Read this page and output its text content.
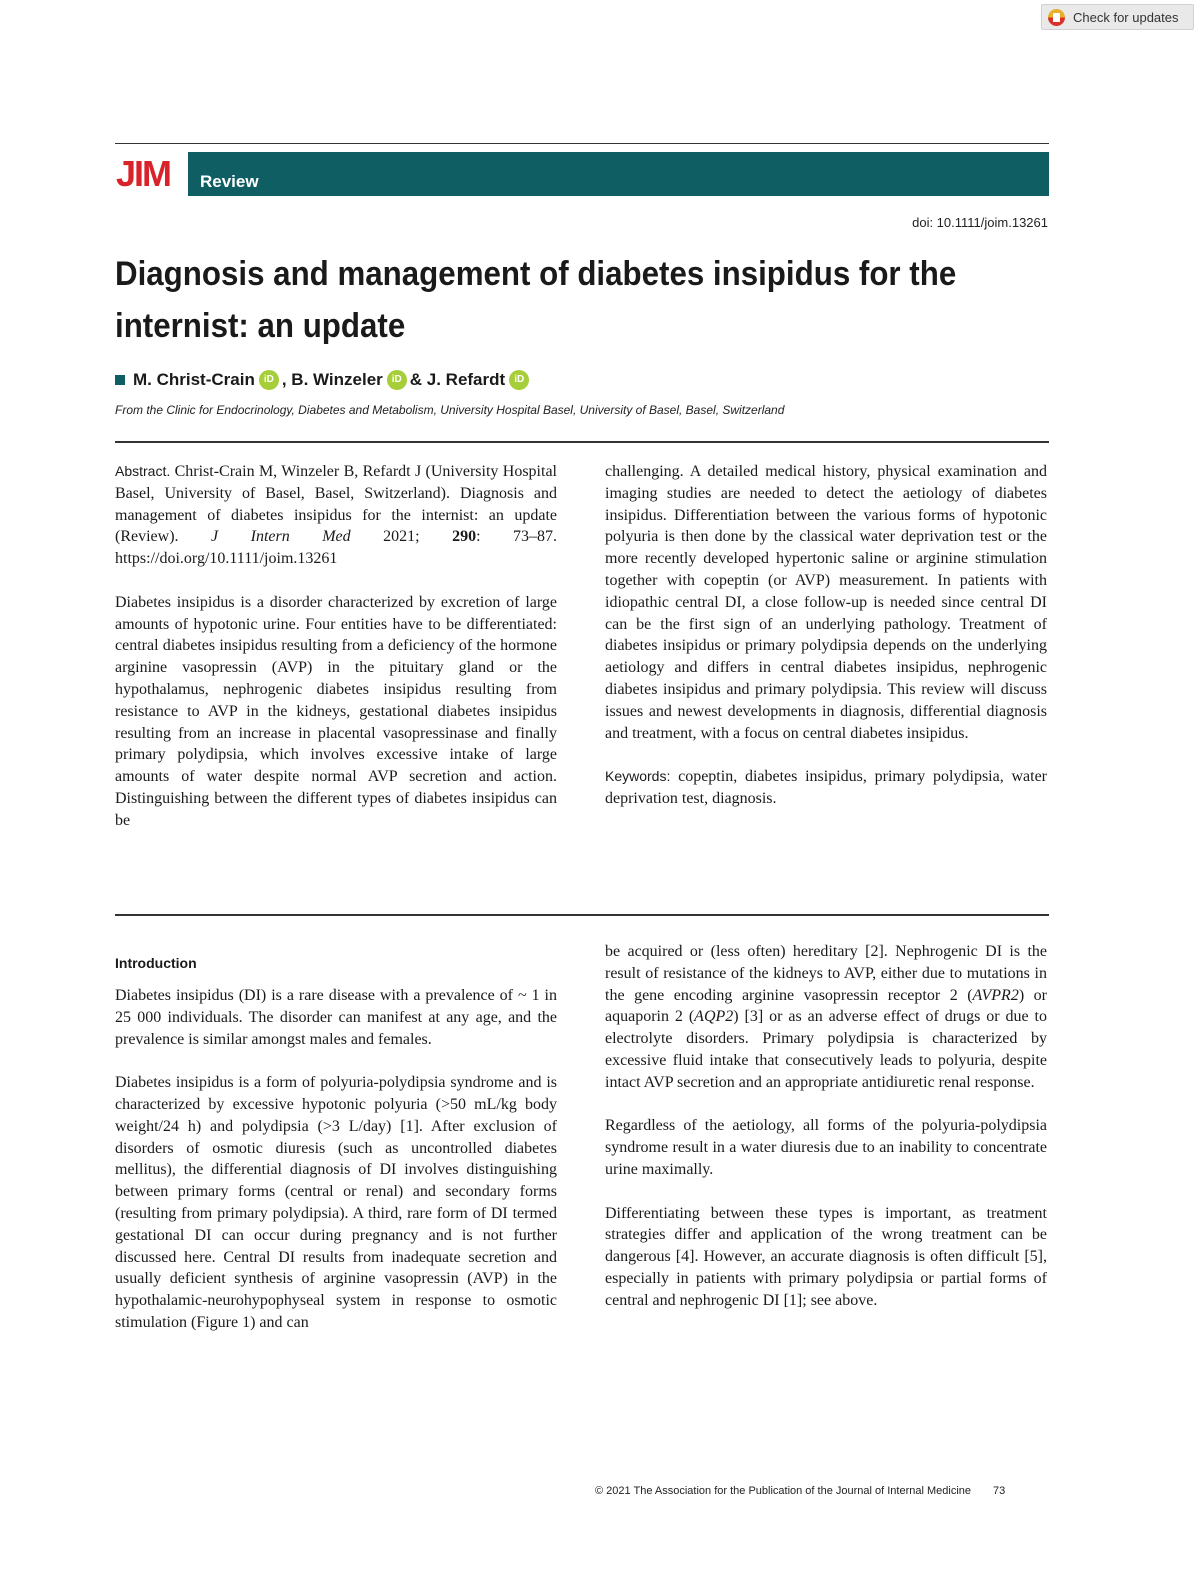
Check for updates
JIM	Review
doi: 10.1111/joim.13261
Diagnosis and management of diabetes insipidus for the internist: an update
M. Christ-Crain iD , B. Winzeler iD & J. Refardt iD
From the Clinic for Endocrinology, Diabetes and Metabolism, University Hospital Basel, University of Basel, Basel, Switzerland

Abstract. Christ-Crain M, Winzeler B, Refardt J (University Hospital Basel, University of Basel, Basel, Switzerland). Diagnosis and management of diabetes insipidus for the internist: an update (Review). J Intern Med 2021; 290: 73–87. https://doi.org/10.1111/joim.13261

Diabetes insipidus is a disorder characterized by excretion of large amounts of hypotonic urine. Four entities have to be differentiated: central diabetes insipidus resulting from a deficiency of the hormone arginine vasopressin (AVP) in the pituitary gland or the hypothalamus, nephrogenic diabetes insipidus resulting from resistance to AVP in the kidneys, gestational diabetes insipidus resulting from an increase in placental vasopressinase and finally primary polydipsia, which involves excessive intake of large amounts of water despite normal AVP secretion and action. Distinguishing between the different types of diabetes insipidus can be

challenging. A detailed medical history, physical examination and imaging studies are needed to detect the aetiology of diabetes insipidus. Differentiation between the various forms of hypotonic polyuria is then done by the classical water deprivation test or the more recently developed hypertonic saline or arginine stimulation together with copeptin (or AVP) measurement. In patients with idiopathic central DI, a close follow-up is needed since central DI can be the first sign of an underlying pathology. Treatment of diabetes insipidus or primary polydipsia depends on the underlying aetiology and differs in central diabetes insipidus, nephrogenic diabetes insipidus and primary polydipsia. This review will discuss issues and newest developments in diagnosis, differential diagnosis and treatment, with a focus on central diabetes insipidus.

Keywords: copeptin, diabetes insipidus, primary polydipsia, water deprivation test, diagnosis.

Introduction

Diabetes insipidus (DI) is a rare disease with a prevalence of ~ 1 in 25 000 individuals. The disorder can manifest at any age, and the prevalence is similar amongst males and females.

Diabetes insipidus is a form of polyuria-polydipsia syndrome and is characterized by excessive hypotonic polyuria (>50 mL/kg body weight/24 h) and polydipsia (>3 L/day) [1]. After exclusion of disorders of osmotic diuresis (such as uncontrolled diabetes mellitus), the differential diagnosis of DI involves distinguishing between primary forms (central or renal) and secondary forms (resulting from primary polydipsia). A third, rare form of DI termed gestational DI can occur during pregnancy and is not further discussed here. Central DI results from inadequate secretion and usually deficient synthesis of arginine vasopressin (AVP) in the hypothalamic-neurohypophyseal system in response to osmotic stimulation (Figure 1) and can

be acquired or (less often) hereditary [2]. Nephrogenic DI is the result of resistance of the kidneys to AVP, either due to mutations in the gene encoding arginine vasopressin receptor 2 (AVPR2) or aquaporin 2 (AQP2) [3] or as an adverse effect of drugs or due to electrolyte disorders. Primary polydipsia is characterized by excessive fluid intake that consecutively leads to polyuria, despite intact AVP secretion and an appropriate antidiuretic renal response.

Regardless of the aetiology, all forms of the polyuria-polydipsia syndrome result in a water diuresis due to an inability to concentrate urine maximally.

Differentiating between these types is important, as treatment strategies differ and application of the wrong treatment can be dangerous [4]. However, an accurate diagnosis is often difficult [5], especially in patients with primary polydipsia or partial forms of central and nephrogenic DI [1]; see above.

© 2021 The Association for the Publication of the Journal of Internal Medicine 73
